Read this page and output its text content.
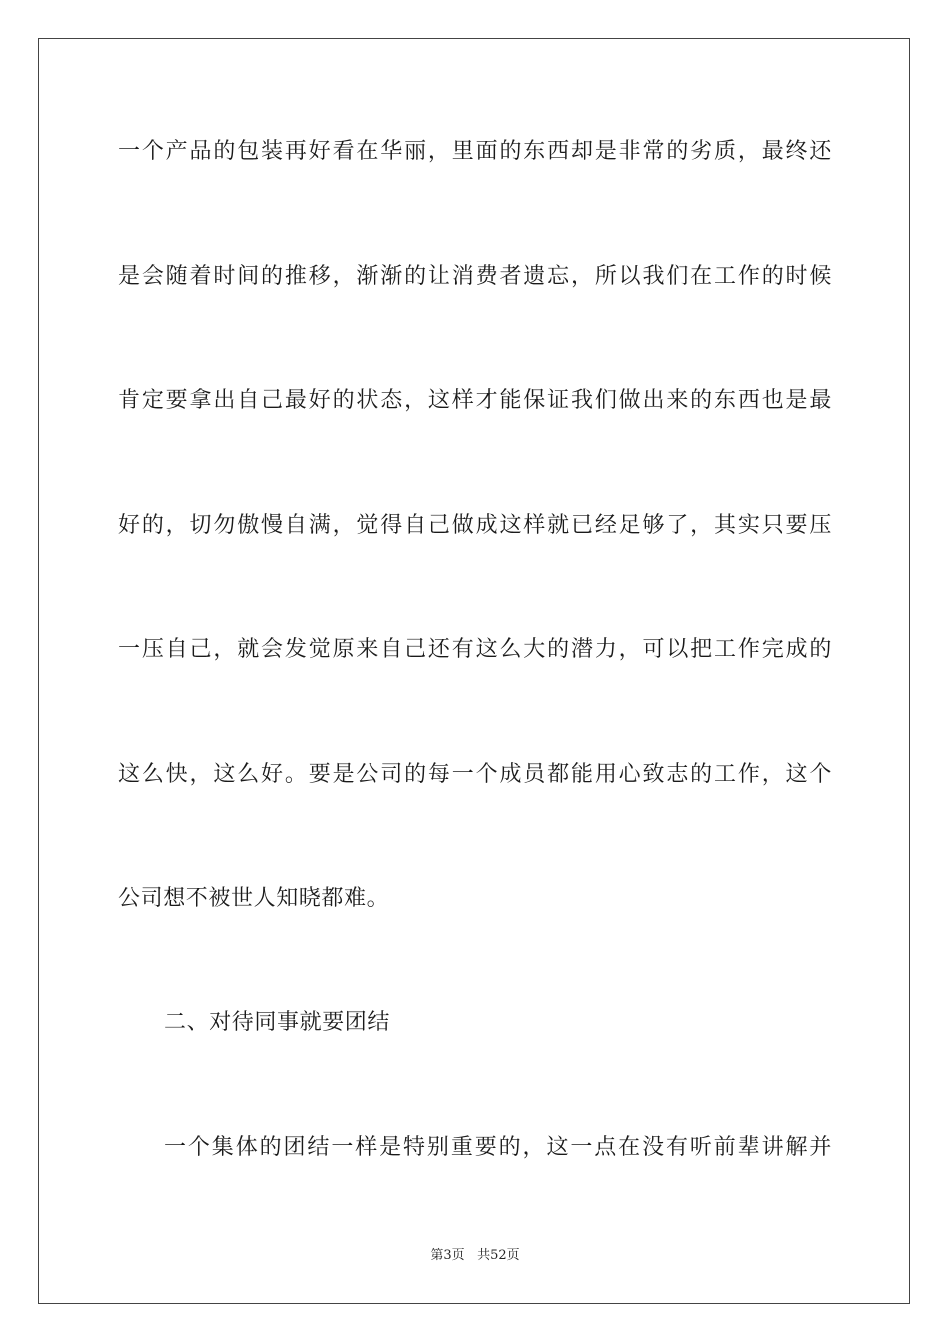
一个产品的包装再好看在华丽，里面的东西却是非常的劣质，最终还
是会随着时间的推移，渐渐的让消费者遗忘，所以我们在工作的时候
肯定要拿出自己最好的状态，这样才能保证我们做出来的东西也是最
好的，切勿傲慢自满，觉得自己做成这样就已经足够了，其实只要压
一压自己，就会发觉原来自己还有这么大的潜力，可以把工作完成的
这么快，这么好。要是公司的每一个成员都能用心致志的工作，这个
公司想不被世人知晓都难。
二、对待同事就要团结
一个集体的团结一样是特别重要的，这一点在没有听前辈讲解并
第3页 共52页
